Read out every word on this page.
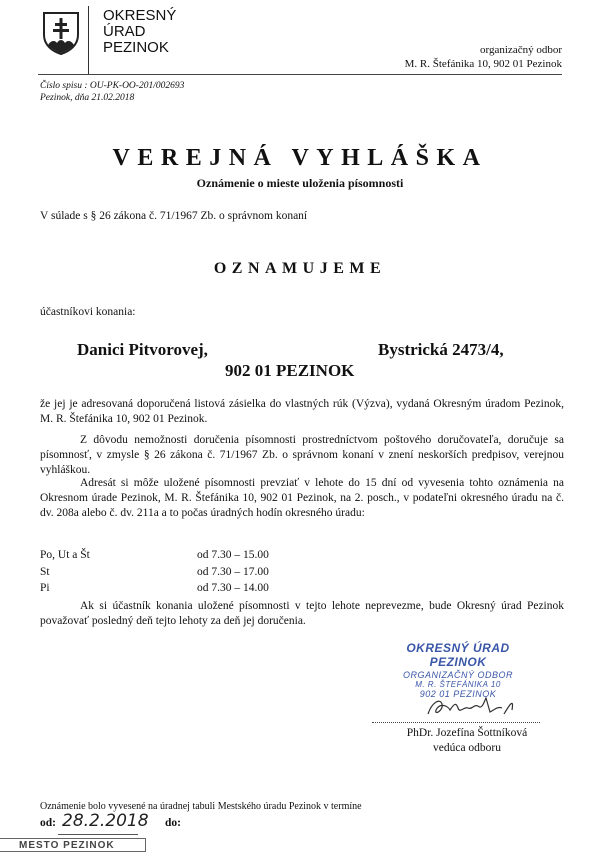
OKRESNÝ
ÚRAD
PEZINOK	organizačný odbor
M. R. Štefánika 10, 902 01 Pezinok
Číslo spisu : OU-PK-OO-201/002693
Pezinok, dňa 21.02.2018
VEREJNÁ VYHLÁŠKA
Oznámenie o mieste uloženia písomnosti
V súlade s § 26 zákona č. 71/1967 Zb. o správnom konaní
OZNAMUJEME
účastníkovi konania:
Danici Pitvorovej,	Bystrická 2473/4,
902 01 PEZINOK
že jej je adresovaná doporučená listová zásielka do vlastných rúk (Výzva), vydaná Okresným úradom Pezinok, M. R. Štefánika 10, 902 01 Pezinok.
Z dôvodu nemožnosti doručenia písomnosti prostredníctvom poštového doručovateľa, doručuje sa písomnosť, v zmysle § 26 zákona č. 71/1967 Zb. o správnom konaní v znení neskorších predpisov, verejnou vyhláškou.
Adresát si môže uložené písomnosti prevziať v lehote do 15 dní od vyvesenia tohto oznámenia na Okresnom úrade Pezinok, M. R. Štefánika 10, 902 01 Pezinok, na 2. posch., v podateľni okresného úradu na č. dv. 208a alebo č. dv. 211a a to počas úradných hodín okresného úradu:
Po, Ut a Št	od 7.30 – 15.00
St	od 7.30 – 17.00
Pi	od 7.30 – 14.00
Ak si účastník konania uložené písomnosti v tejto lehote neprevezme, bude Okresný úrad Pezinok považovať posledný deň tejto lehoty za deň jej doručenia.
OKRESNÝ ÚRAD PEZINOK
ORGANIZAČNÝ ODBOR
M. R. ŠTEFÁNIKA 10
902 01 PEZINOK
PhDr. Jozefína Šottníková
vedúca odboru
Oznámenie bolo vyvesené na úradnej tabuli Mestského úradu Pezinok v termíne
od: 28.2.2018 do:
MESTO PEZINOK
